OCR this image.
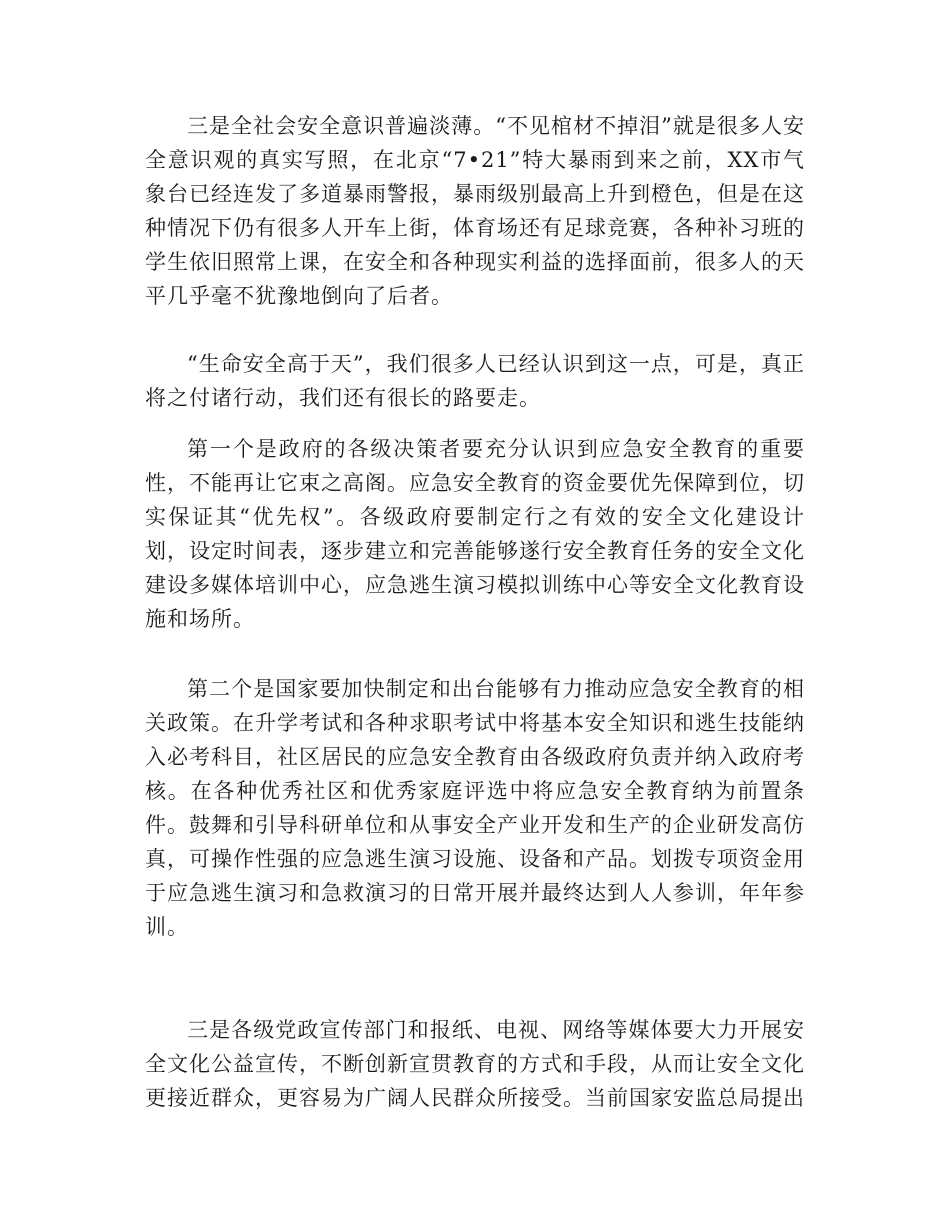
三是全社会安全意识普遍淡薄。“不见棺材不掉泪”就是很多人安全意识观的真实写照，在北京“7•21”特大暴雨到来之前，XX市气象台已经连发了多道暴雨警报，暴雨级别最高上升到橙色，但是在这种情况下仍有很多人开车上街，体育场还有足球竞赛，各种补习班的学生依旧照常上课，在安全和各种现实利益的选择面前，很多人的天平几乎毫不犹豫地倒向了后者。

“生命安全高于天”，我们很多人已经认识到这一点，可是，真正将之付诸行动，我们还有很长的路要走。

第一个是政府的各级决策者要充分认识到应急安全教育的重要性，不能再让它束之高阁。应急安全教育的资金要优先保障到位，切实保证其“优先权”。各级政府要制定行之有效的安全文化建设计划，设定时间表，逐步建立和完善能够遂行安全教育任务的安全文化建设多媒体培训中心，应急逃生演习模拟训练中心等安全文化教育设施和场所。

第二个是国家要加快制定和出台能够有力推动应急安全教育的相关政策。在升学考试和各种求职考试中将基本安全知识和逃生技能纳入必考科目，社区居民的应急安全教育由各级政府负责并纳入政府考核。在各种优秀社区和优秀家庭评选中将应急安全教育纳为前置条件。鼓舞和引导科研单位和从事安全产业开发和生产的企业研发高仿真，可操作性强的应急逃生演习设施、设备和产品。划拨专项资金用于应急逃生演习和急救演习的日常开展并最终达到人人参训，年年参训。

三是各级党政宣传部门和报纸、电视、网络等媒体要大力开展安全文化公益宣传，不断创新宣贯教育的方式和手段，从而让安全文化更接近群众，更容易为广阔人民群众所接受。当前国家安监总局提出
